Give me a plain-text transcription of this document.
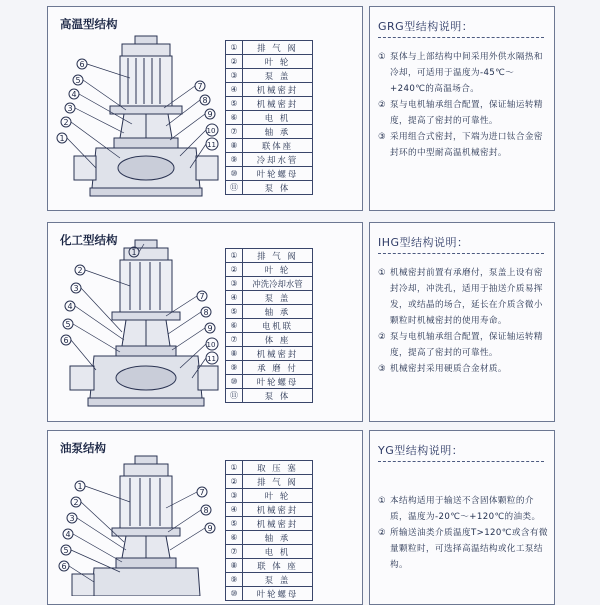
高温型结构
6
5
4
3
2
1
7
8
9
10
11
①	排 气 阀
②	叶 轮
③	泵 盖
④	机械密封
⑤	机械密封
⑥	电 机
⑦	轴 承
⑧	联体座
⑨	冷却水管
⑩	叶轮螺母
⑪	泵 体
GRG型结构说明：
① 泵体与上部结构中间采用外供水隔热和冷却，可适用于温度为-45℃～+240℃的高温场合。
② 泵与电机轴承组合配置，保证轴运转精度，提高了密封的可靠性。
③ 采用组合式密封，下端为进口钛合金密封环的中型耐高温机械密封。
化工型结构
1
2
3
4
5
6
7
8
9
10
11
①	排 气 阀
②	叶 轮
③	冲洗冷却水管
④	泵 盖
⑤	轴 承
⑥	电机联
⑦	体 座
⑧	机械密封
⑨	承 磨 付
⑩	叶轮螺母
⑪	泵 体
IHG型结构说明：
① 机械密封前置有承磨付，泵盖上设有密封冷却，冲洗孔，适用于抽送介质易挥发，或结晶的场合，延长在介质含微小颗粒时机械密封的使用寿命。
② 泵与电机轴承组合配置，保证轴运转精度，提高了密封的可靠性。
③ 机械密封采用硬质合金材质。
油泵结构
1
2
3
4
5
6
7
8
9
①	取 压 塞
②	排 气 阀
③	叶 轮
④	机械密封
⑤	机械密封
⑥	轴 承
⑦	电 机
⑧	联 体 座
⑨	泵 盖
⑩	叶轮螺母
YG型结构说明：
① 本结构适用于输送不含固体颗粒的介质，温度为-20℃～+120℃的油类。
② 所输送油类介质温度T>120℃或含有微量颗粒时，可选择高温结构或化工泵结构。
